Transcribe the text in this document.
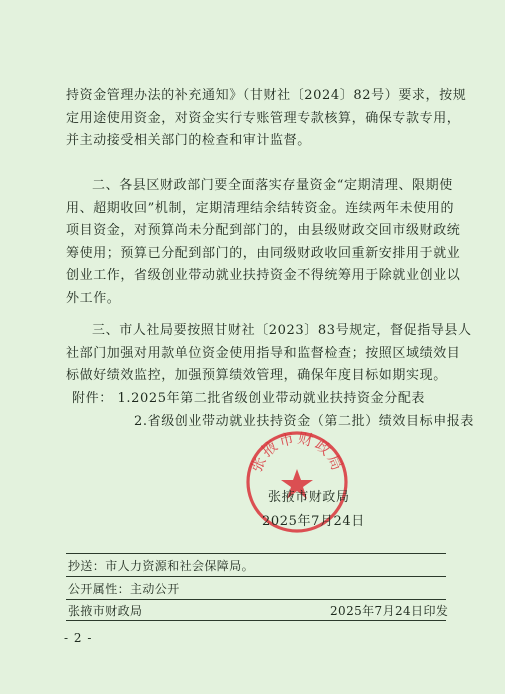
持资金管理办法的补充通知》（甘财社〔2024〕82号）要求，按规
定用途使用资金，对资金实行专账管理专款核算，确保专款专用，
并主动接受相关部门的检查和审计监督。

二、各县区财政部门要全面落实存量资金“定期清理、限期使
用、超期收回”机制，定期清理结余结转资金。连续两年未使用的
项目资金，对预算尚未分配到部门的，由县级财政交回市级财政统
筹使用；预算已分配到部门的，由同级财政收回重新安排用于就业
创业工作，省级创业带动就业扶持资金不得统筹用于除就业创业以
外工作。

三、市人社局要按照甘财社〔2023〕83号规定，督促指导县人
社部门加强对用款单位资金使用指导和监督检查；按照区域绩效目
标做好绩效监控，加强预算绩效管理，确保年度目标如期实现。

附件： 1.2025年第二批省级创业带动就业扶持资金分配表
2.省级创业带动就业扶持资金（第二批）绩效目标申报表
张掖市财政局
张掖市财政局
2025年7月24日
抄送：市人力资源和社会保障局。
公开属性：主动公开
张掖市财政局	2025年7月24日印发
- 2 -
